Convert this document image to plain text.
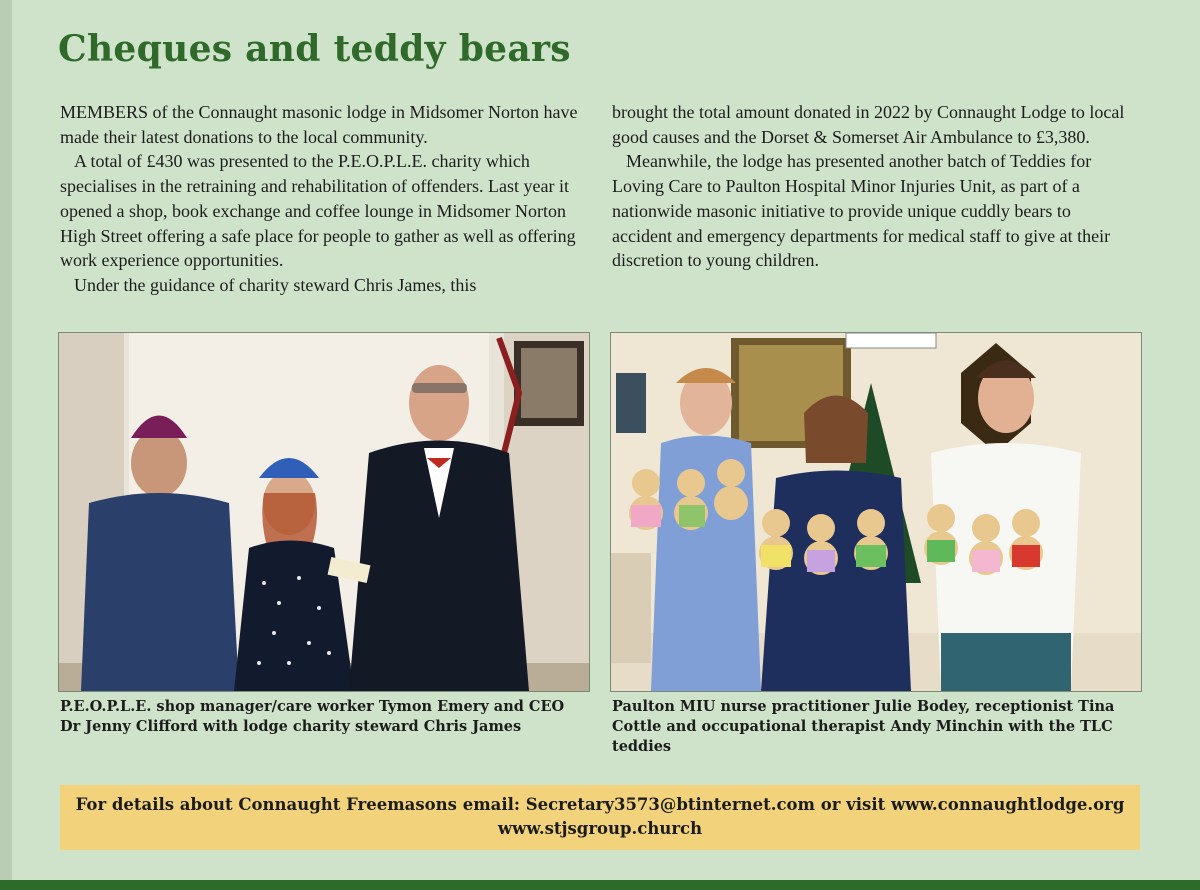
Cheques and teddy bears

MEMBERS of the Connaught masonic lodge in Midsomer Norton have made their latest donations to the local community.

A total of £430 was presented to the P.E.O.P.L.E. charity which specialises in the retraining and rehabilitation of offenders. Last year it opened a shop, book exchange and coffee lounge in Midsomer Norton High Street offering a safe place for people to gather as well as offering work experience opportunities.

Under the guidance of charity steward Chris James, this

brought the total amount donated in 2022 by Connaught Lodge to local good causes and the Dorset & Somerset Air Ambulance to £3,380.

Meanwhile, the lodge has presented another batch of Teddies for Loving Care to Paulton Hospital Minor Injuries Unit, as part of a nationwide masonic initiative to provide unique cuddly bears to accident and emergency departments for medical staff to give at their discretion to young children.

P.E.O.P.L.E. shop manager/care worker Tymon Emery and CEO Dr Jenny Clifford with lodge charity steward Chris James
Paulton MIU nurse practitioner Julie Bodey, receptionist Tina Cottle and occupational therapist Andy Minchin with the TLC teddies
For details about Connaught Freemasons email: Secretary3573@btinternet.com or visit www.connaughtlodge.org
www.stjsgroup.church
